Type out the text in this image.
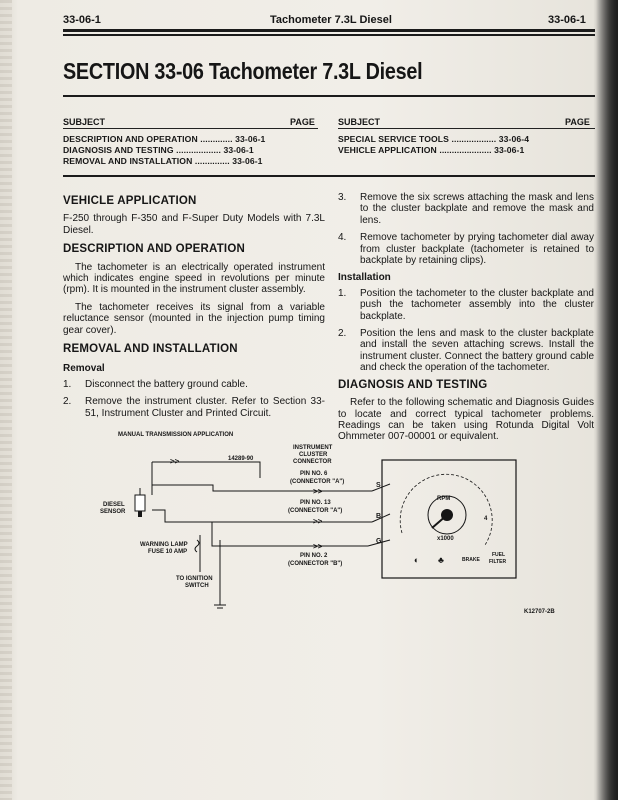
33-06-1	Tachometer 7.3L Diesel	33-06-1
SECTION 33-06 Tachometer 7.3L Diesel
SUBJECT	PAGE	SUBJECT	PAGE
DESCRIPTION AND OPERATION ............. 33-06-1
DIAGNOSIS AND TESTING .................. 33-06-1
REMOVAL AND INSTALLATION .............. 33-06-1
SPECIAL SERVICE TOOLS .................. 33-06-4
VEHICLE APPLICATION ..................... 33-06-1
VEHICLE APPLICATION
F-250 through F-350 and F-Super Duty Models with 7.3L Diesel.
DESCRIPTION AND OPERATION
The tachometer is an electrically operated instrument which indicates engine speed in revolutions per minute (rpm). It is mounted in the instrument cluster assembly.
The tachometer receives its signal from a variable reluctance sensor (mounted in the injection pump timing gear cover).
REMOVAL AND INSTALLATION
Removal
1.	Disconnect the battery ground cable.
2.	Remove the instrument cluster. Refer to Section 33-51, Instrument Cluster and Printed Circuit.
3.	Remove the six screws attaching the mask and lens to the cluster backplate and remove the mask and lens.
4.	Remove tachometer by prying tachometer dial away from cluster backplate (tachometer is retained to backplate by retaining clips).
Installation
1.	Position the tachometer to the cluster backplate and push the tachometer assembly into the cluster backplate.
2.	Position the lens and mask to the cluster backplate and install the seven attaching screws. Install the instrument cluster. Connect the battery ground cable and check the operation of the tachometer.
DIAGNOSIS AND TESTING
Refer to the following schematic and Diagnosis Guides to locate and correct typical tachometer problems. Readings can be taken using Rotunda Digital Volt Ohmmeter 007-00001 or equivalent.
MANUAL TRANSMISSION APPLICATION
14289-90
INSTRUMENT
CLUSTER
CONNECTOR
PIN NO. 6
(CONNECTOR "A")
PIN NO. 13
(CONNECTOR "A")
PIN NO. 2
(CONNECTOR "B")
DIESEL
SENSOR
WARNING LAMP
FUSE 10 AMP
TO IGNITION
SWITCH
>>
>>
>>
>>
S
B
G
RPM
x1000
4
◐ ♣	BRAKE
FUEL
FILTER
K12707-2B
